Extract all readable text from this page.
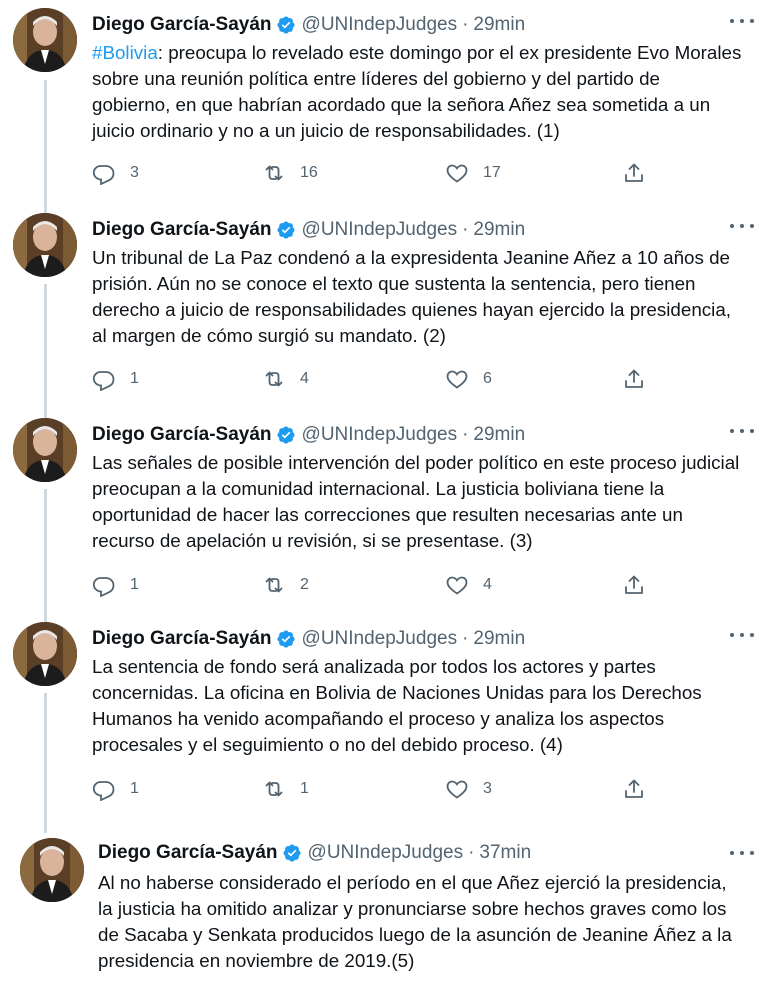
Diego García-Sayán @UNIndepJudges · 29min
#Bolivia: preocupa lo revelado este domingo por el ex presidente Evo Morales sobre una reunión política entre líderes del gobierno y del partido de gobierno, en que habrían acordado que la señora Añez sea sometida a un juicio ordinario y no a un juicio de responsabilidades. (1)
3	16	17
Diego García-Sayán @UNIndepJudges · 29min
Un tribunal de La Paz condenó a la expresidenta Jeanine Añez a 10 años de prisión. Aún no se conoce el texto que sustenta la sentencia, pero tienen derecho a juicio de responsabilidades quienes hayan ejercido la presidencia, al margen de cómo surgió su mandato. (2)
1	4	6
Diego García-Sayán @UNIndepJudges · 29min
Las señales de posible intervención del poder político en este proceso judicial preocupan a la comunidad internacional. La justicia boliviana tiene la oportunidad de hacer las correcciones que resulten necesarias ante un recurso de apelación u revisión, si se presentase. (3)
1	2	4
Diego García-Sayán @UNIndepJudges · 29min
La sentencia de fondo será analizada por todos los actores y partes concernidas. La oficina en Bolivia de Naciones Unidas para los Derechos Humanos ha venido acompañando el proceso y analiza los aspectos procesales y el seguimiento o no del debido proceso. (4)
1	1	3
Diego García-Sayán @UNIndepJudges · 37min
Al no haberse considerado el período en el que Añez ejerció la presidencia, la justicia ha omitido analizar y pronunciarse sobre hechos graves como los de Sacaba y Senkata producidos luego de la asunción de Jeanine Áñez a la presidencia en noviembre de 2019.(5)
